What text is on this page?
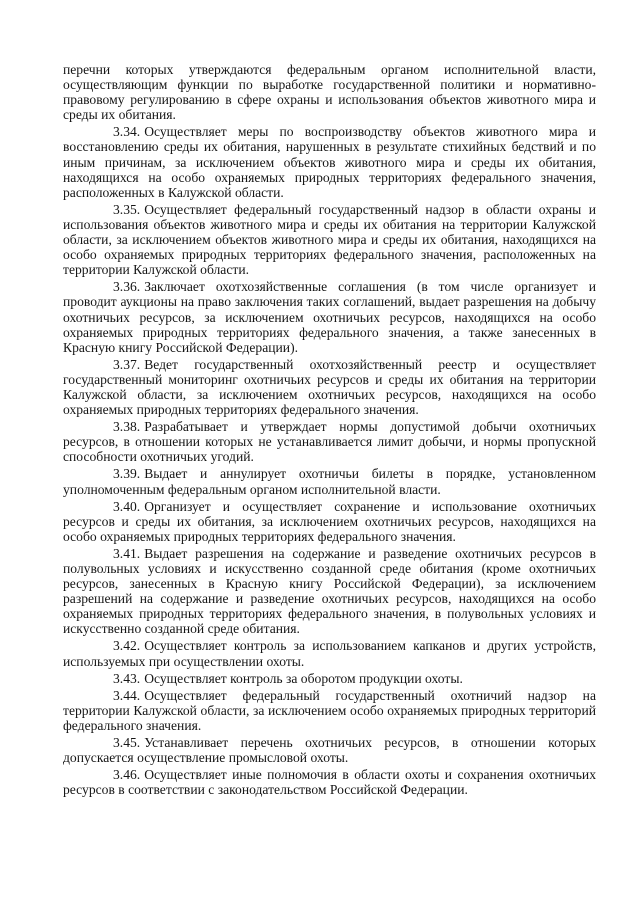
перечни которых утверждаются федеральным органом исполнительной власти, осуществляющим функции по выработке государственной политики и нормативно-правовому регулированию в сфере охраны и использования объектов животного мира и среды их обитания.

3.34. Осуществляет меры по воспроизводству объектов животного мира и восстановлению среды их обитания, нарушенных в результате стихийных бедствий и по иным причинам, за исключением объектов животного мира и среды их обитания, находящихся на особо охраняемых природных территориях федерального значения, расположенных в Калужской области.

3.35. Осуществляет федеральный государственный надзор в области охраны и использования объектов животного мира и среды их обитания на территории Калужской области, за исключением объектов животного мира и среды их обитания, находящихся на особо охраняемых природных территориях федерального значения, расположенных на территории Калужской области.

3.36. Заключает охотхозяйственные соглашения (в том числе организует и проводит аукционы на право заключения таких соглашений, выдает разрешения на добычу охотничьих ресурсов, за исключением охотничьих ресурсов, находящихся на особо охраняемых природных территориях федерального значения, а также занесенных в Красную книгу Российской Федерации).

3.37. Ведет государственный охотхозяйственный реестр и осуществляет государственный мониторинг охотничьих ресурсов и среды их обитания на территории Калужской области, за исключением охотничьих ресурсов, находящихся на особо охраняемых природных территориях федерального значения.

3.38. Разрабатывает и утверждает нормы допустимой добычи охотничьих ресурсов, в отношении которых не устанавливается лимит добычи, и нормы пропускной способности охотничьих угодий.

3.39. Выдает и аннулирует охотничьи билеты в порядке, установленном уполномоченным федеральным органом исполнительной власти.

3.40. Организует и осуществляет сохранение и использование охотничьих ресурсов и среды их обитания, за исключением охотничьих ресурсов, находящихся на особо охраняемых природных территориях федерального значения.

3.41. Выдает разрешения на содержание и разведение охотничьих ресурсов в полувольных условиях и искусственно созданной среде обитания (кроме охотничьих ресурсов, занесенных в Красную книгу Российской Федерации), за исключением разрешений на содержание и разведение охотничьих ресурсов, находящихся на особо охраняемых природных территориях федерального значения, в полувольных условиях и искусственно созданной среде обитания.

3.42. Осуществляет контроль за использованием капканов и других устройств, используемых при осуществлении охоты.

3.43. Осуществляет контроль за оборотом продукции охоты.

3.44. Осуществляет федеральный государственный охотничий надзор на территории Калужской области, за исключением особо охраняемых природных территорий федерального значения.

3.45. Устанавливает перечень охотничьих ресурсов, в отношении которых допускается осуществление промысловой охоты.

3.46. Осуществляет иные полномочия в области охоты и сохранения охотничьих ресурсов в соответствии с законодательством Российской Федерации.
